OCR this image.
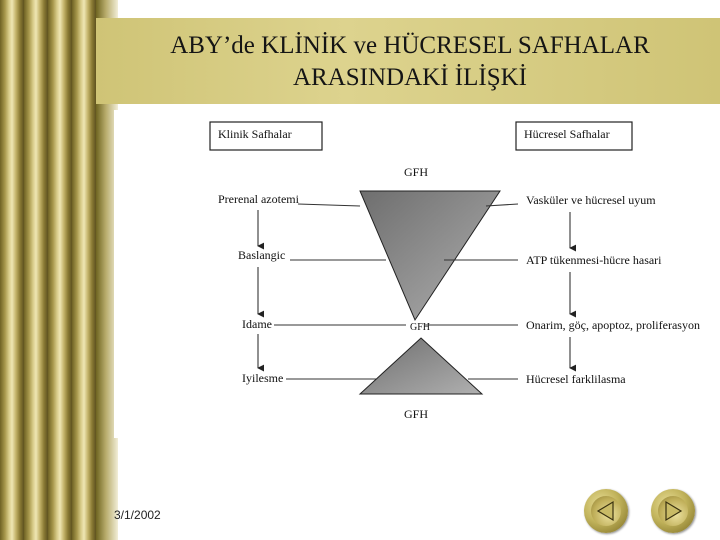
ABY’de KLİNİK ve HÜCRESEL SAFHALAR
ARASINDAKİ İLİŞKİ
Klinik Safhalar	Hücresel Safhalar
GFH
GFH
GFH
Prerenal azotemi
Baslangic
Idame
Iyilesme
Vasküler ve hücresel uyum
ATP tükenmesi-hücre hasari
Onarim, göç, apoptoz, proliferasyon
Hücresel farklilasma
3/1/2002
